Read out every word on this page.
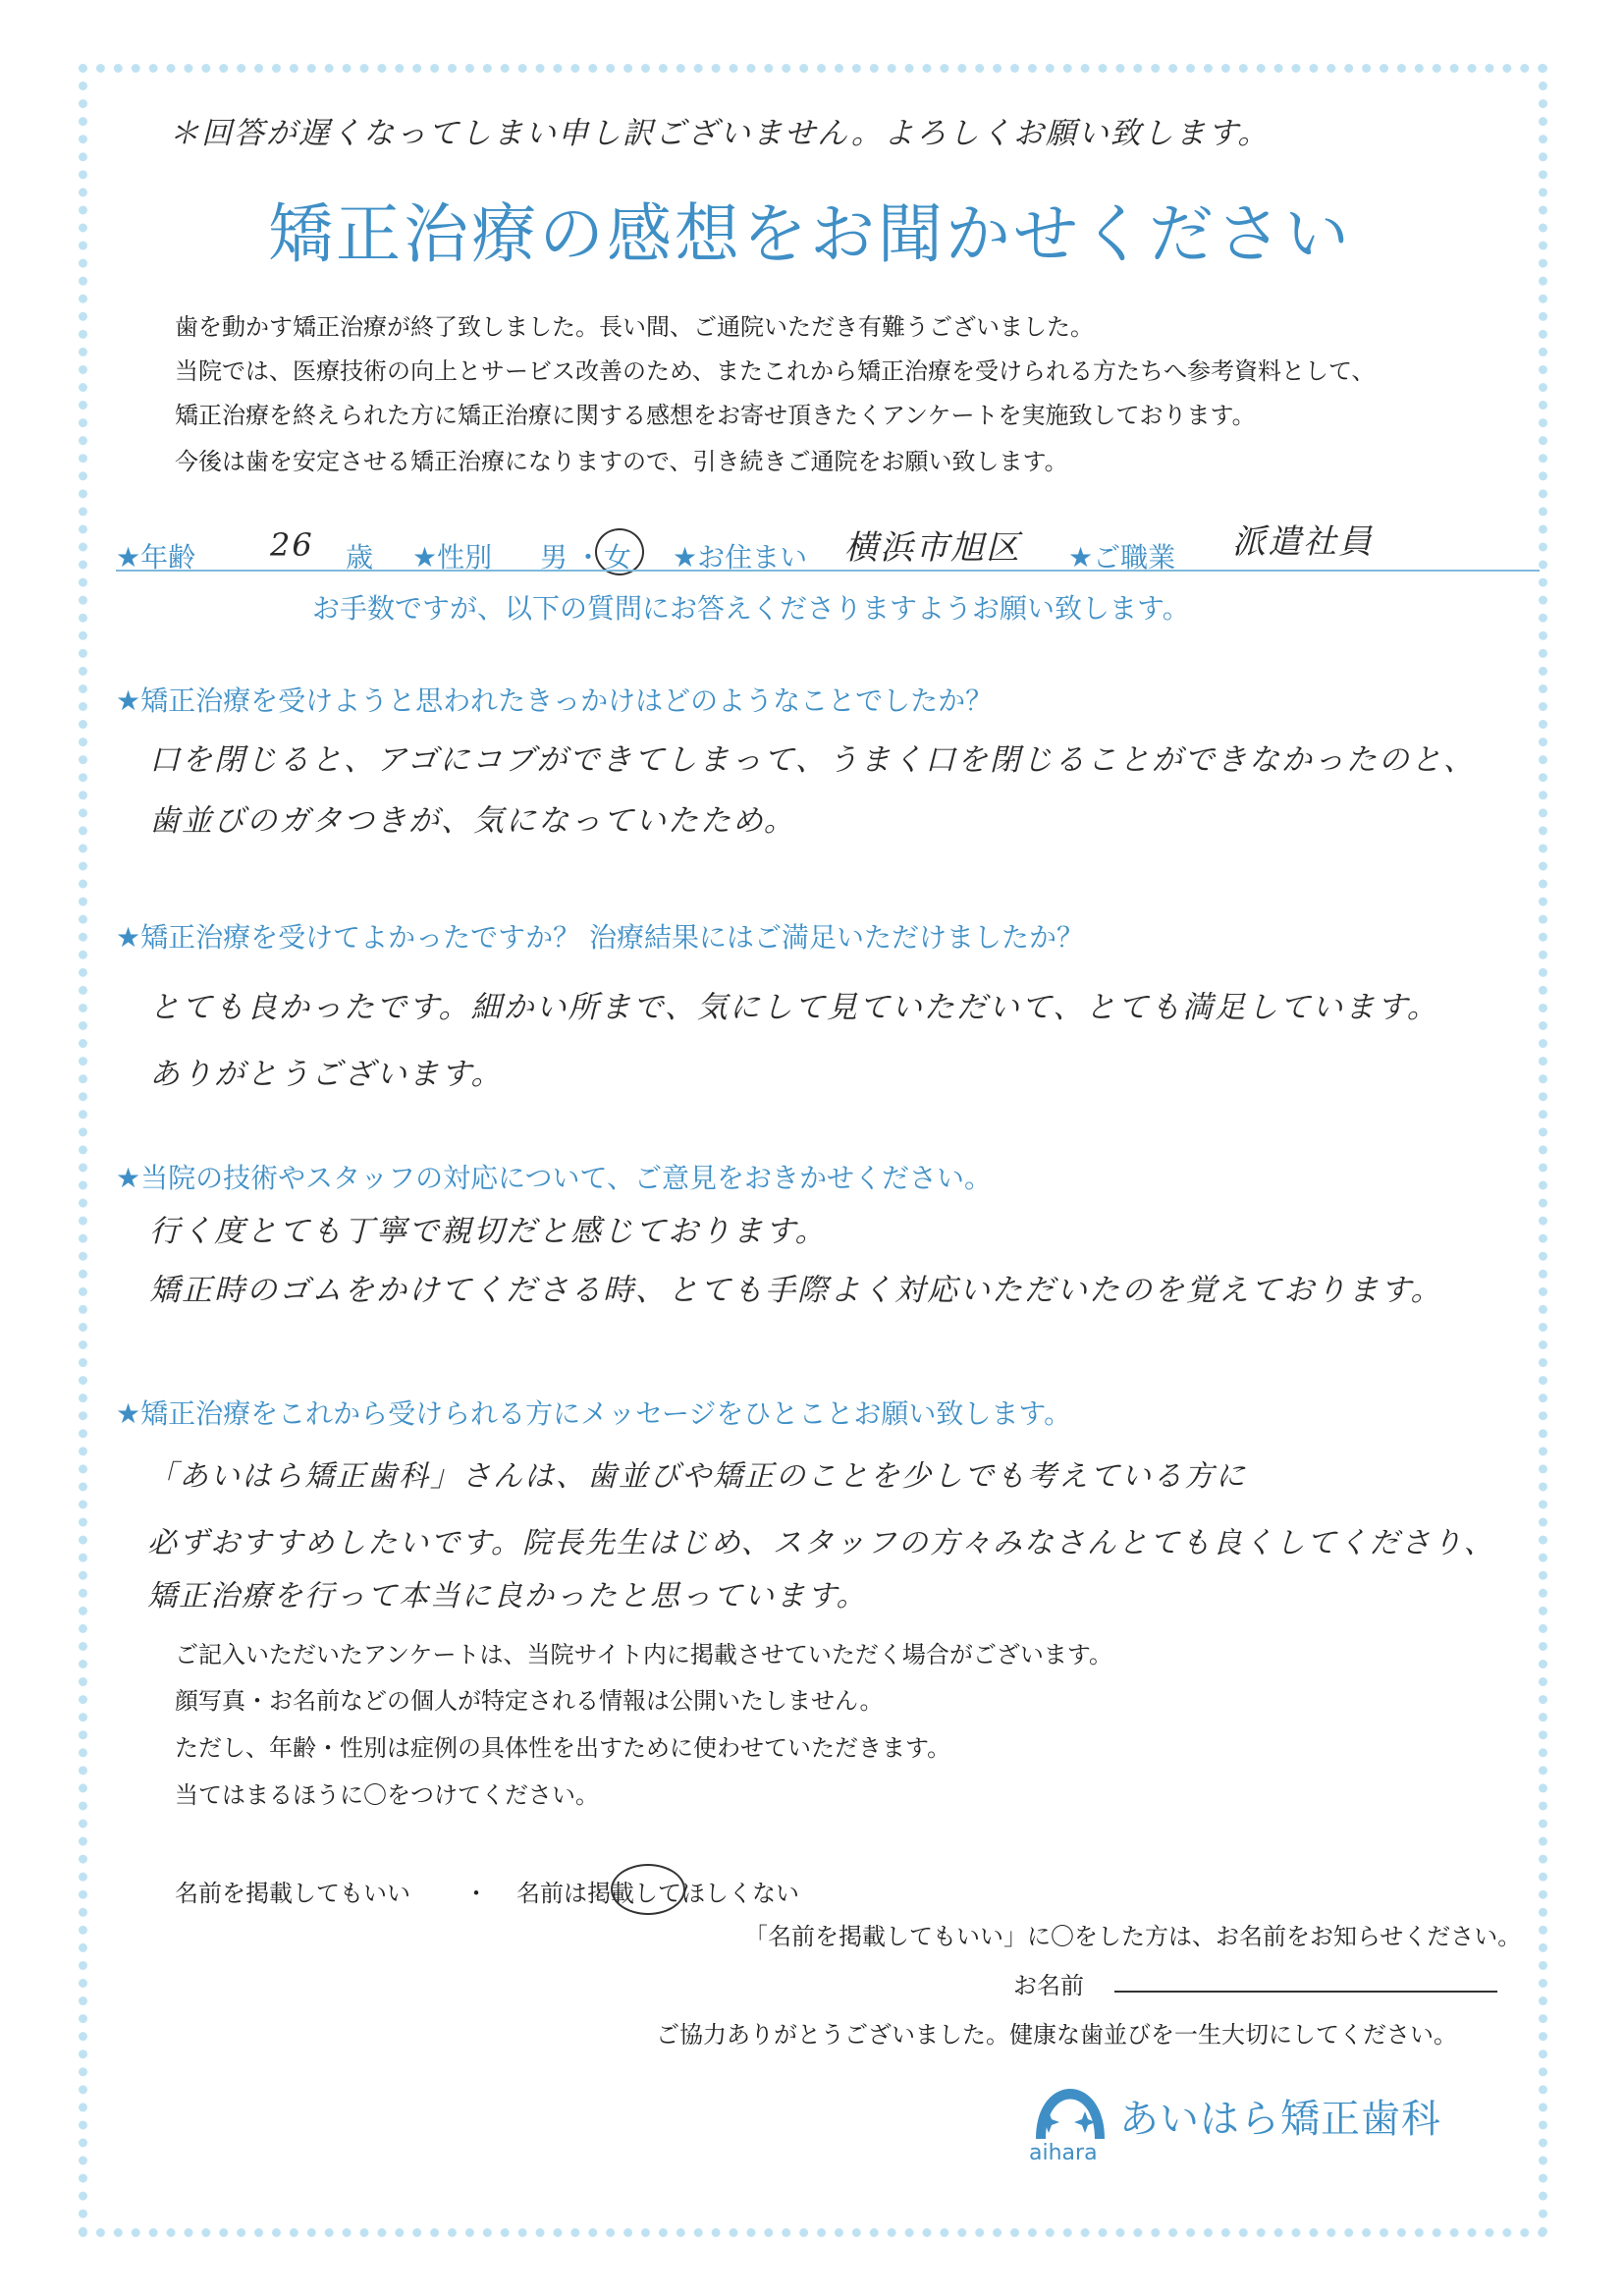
＊回答が遅くなってしまい申し訳ございません。よろしくお願い致します。
矯正治療の感想をお聞かせください
歯を動かす矯正治療が終了致しました。長い間、ご通院いただき有難うございました。
当院では、医療技術の向上とサービス改善のため、またこれから矯正治療を受けられる方たちへ参考資料として、
矯正治療を終えられた方に矯正治療に関する感想をお寄せ頂きたくアンケートを実施致しております。
今後は歯を安定させる矯正治療になりますので、引き続きご通院をお願い致します。
★年齢 26 歳 ★性別 男 ・ 女 ★お住まい 横浜市旭区 ★ご職業 派遣社員
お手数ですが、以下の質問にお答えくださりますようお願い致します。
★矯正治療を受けようと思われたきっかけはどのようなことでしたか？
口を閉じると、アゴにコブができてしまって、うまく口を閉じることができなかったのと、
歯並びのガタつきが、気になっていたため。
★矯正治療を受けてよかったですか？ 治療結果にはご満足いただけましたか？
とても良かったです。細かい所まで、気にして見ていただいて、とても満足しています。
ありがとうございます。
★当院の技術やスタッフの対応について、ご意見をおきかせください。
行く度とても丁寧で親切だと感じております。
矯正時のゴムをかけてくださる時、とても手際よく対応いただいたのを覚えております。
★矯正治療をこれから受けられる方にメッセージをひとことお願い致します。
「あいはら矯正歯科」さんは、歯並びや矯正のことを少しでも考えている方に
必ずおすすめしたいです。院長先生はじめ、スタッフの方々みなさんとても良くしてくださり、
矯正治療を行って本当に良かったと思っています。
ご記入いただいたアンケートは、当院サイト内に掲載させていただく場合がございます。
顔写真・お名前などの個人が特定される情報は公開いたしません。
ただし、年齢・性別は症例の具体性を出すために使わせていただきます。
当てはまるほうに〇をつけてください。
名前を掲載してもいい ・ 名前は掲載してほしくない
「名前を掲載してもいい」に〇をした方は、お名前をお知らせください。
お名前
ご協力ありがとうございました。健康な歯並びを一生大切にしてください。
あいはら矯正歯科
aihara
